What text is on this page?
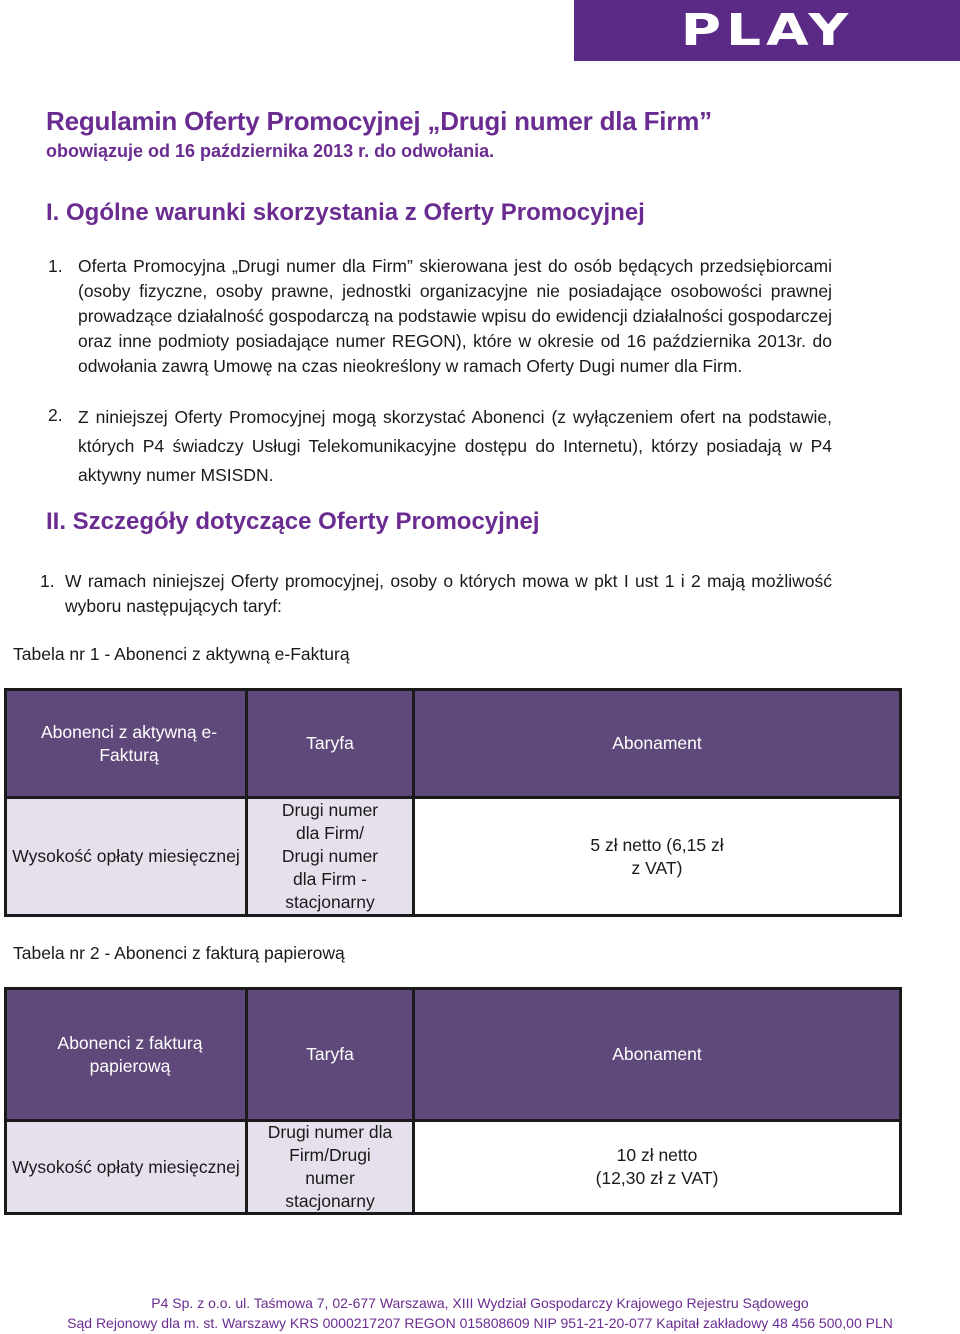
PLAY
Regulamin Oferty Promocyjnej „Drugi numer dla Firm”
obowiązuje od 16 października 2013 r. do odwołania.
I. Ogólne warunki skorzystania z Oferty Promocyjnej
1. Oferta Promocyjna „Drugi numer dla Firm” skierowana jest do osób będących przedsiębiorcami (osoby fizyczne, osoby prawne, jednostki organizacyjne nie posiadające osobowości prawnej prowadzące działalność gospodarczą na podstawie wpisu do ewidencji działalności gospodarczej oraz inne podmioty posiadające numer REGON), które w okresie od 16 października 2013r. do odwołania zawrą Umowę na czas nieokreślony w ramach Oferty Dugi numer dla Firm.
2. Z niniejszej Oferty Promocyjnej mogą skorzystać Abonenci (z wyłączeniem ofert na podstawie, których P4 świadczy Usługi Telekomunikacyjne dostępu do Internetu), którzy posiadają w P4 aktywny numer MSISDN.
II. Szczegóły dotyczące Oferty Promocyjnej
1. W ramach niniejszej Oferty promocyjnej, osoby o których mowa w pkt I ust 1 i 2 mają możliwość wyboru następujących taryf:
Tabela nr 1 - Abonenci z aktywną e-Fakturą
Abonenci z aktywną e-Fakturą
Taryfa	Abonament
Wysokość opłaty miesięcznej
Drugi numer dla Firm/ Drugi numer dla Firm - stacjonarny
5 zł netto (6,15 zł z VAT)
Tabela nr 2 - Abonenci z fakturą papierową
Abonenci z fakturą papierową
Taryfa	Abonament
Wysokość opłaty miesięcznej
Drugi numer dla Firm/Drugi numer stacjonarny
10 zł netto (12,30 zł z VAT)
P4 Sp. z o.o. ul. Taśmowa 7, 02-677 Warszawa, XIII Wydział Gospodarczy Krajowego Rejestru Sądowego
Sąd Rejonowy dla m. st. Warszawy KRS 0000217207 REGON 015808609 NIP 951-21-20-077 Kapitał zakładowy 48 456 500,00 PLN
